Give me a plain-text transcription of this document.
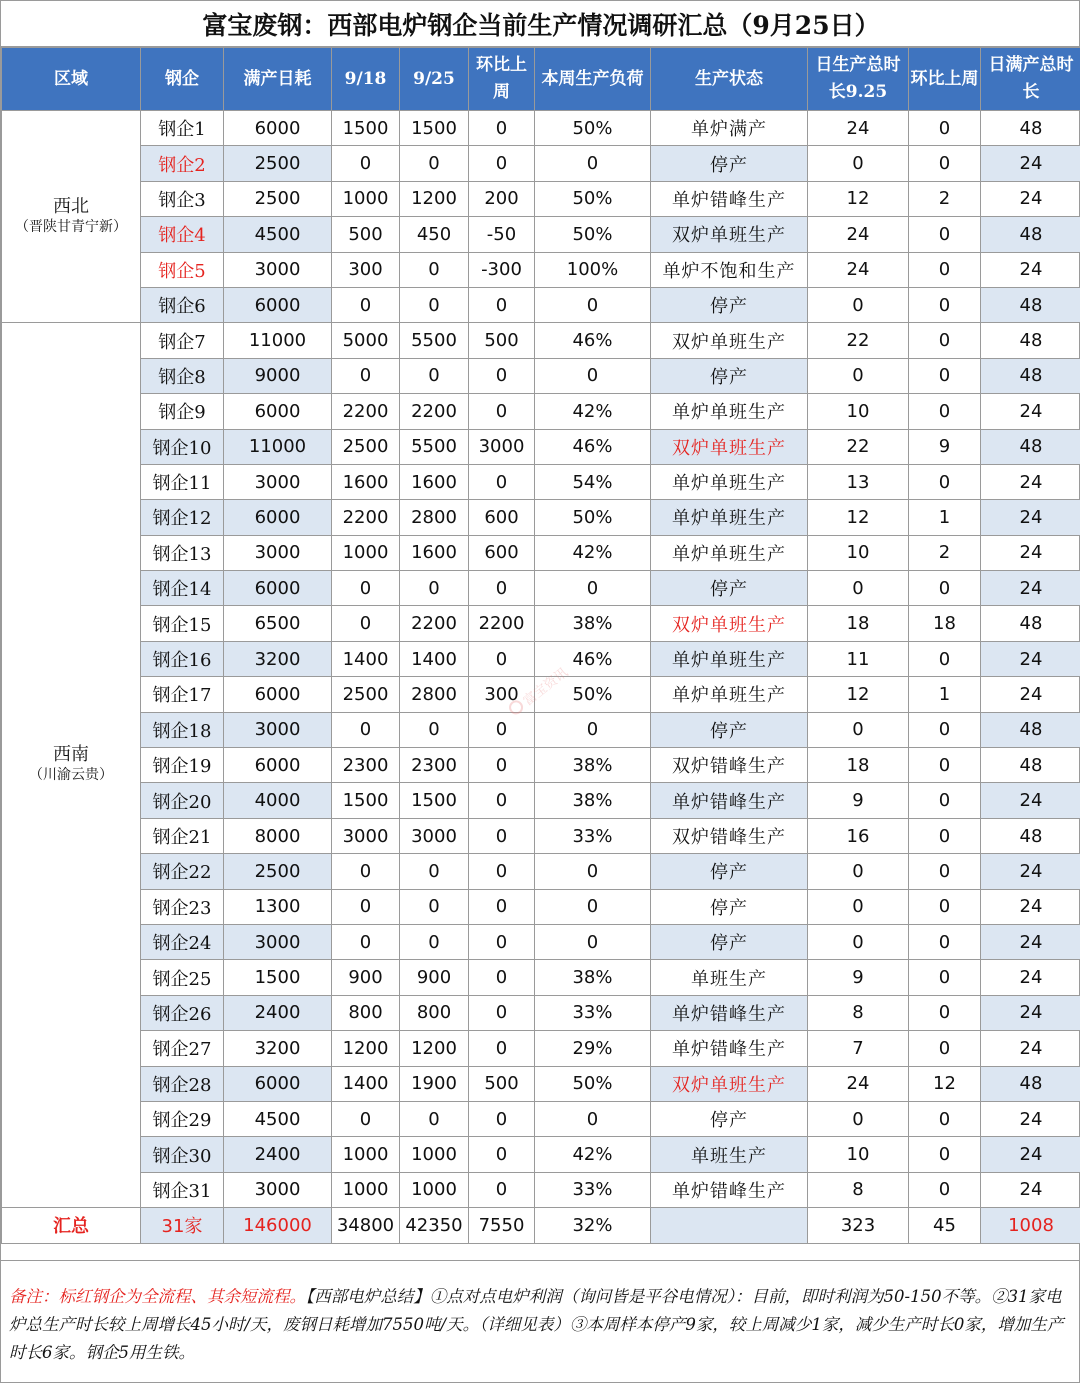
富宝废钢：西部电炉钢企当前生产情况调研汇总（9月25日）
区域	钢企	满产日耗	9/18	9/25	环比上周	本周生产负荷	生产状态	日生产总时长9.25	环比上周	日满产总时长
西北
（晋陕甘青宁新）	钢企1	6000	1500	1500	0	50%	单炉满产	24	0	48
	钢企2	2500	0	0	0	0	停产	0	0	24
	钢企3	2500	1000	1200	200	50%	单炉错峰生产	12	2	24
	钢企4	4500	500	450	-50	50%	双炉单班生产	24	0	48
	钢企5	3000	300	0	-300	100%	单炉不饱和生产	24	0	24
	钢企6	6000	0	0	0	0	停产	0	0	48
西南
（川渝云贵）	钢企7	11000	5000	5500	500	46%	双炉单班生产	22	0	48
	钢企8	9000	0	0	0	0	停产	0	0	48
	钢企9	6000	2200	2200	0	42%	单炉单班生产	10	0	24
	钢企10	11000	2500	5500	3000	46%	双炉单班生产	22	9	48
	钢企11	3000	1600	1600	0	54%	单炉单班生产	13	0	24
	钢企12	6000	2200	2800	600	50%	单炉单班生产	12	1	24
	钢企13	3000	1000	1600	600	42%	单炉单班生产	10	2	24
	钢企14	6000	0	0	0	0	停产	0	0	24
	钢企15	6500	0	2200	2200	38%	双炉单班生产	18	18	48
	钢企16	3200	1400	1400	0	46%	单炉单班生产	11	0	24
	钢企17	6000	2500	2800	300	50%	单炉单班生产	12	1	24
	钢企18	3000	0	0	0	0	停产	0	0	48
	钢企19	6000	2300	2300	0	38%	双炉错峰生产	18	0	48
	钢企20	4000	1500	1500	0	38%	单炉错峰生产	9	0	24
	钢企21	8000	3000	3000	0	33%	双炉错峰生产	16	0	48
	钢企22	2500	0	0	0	0	停产	0	0	24
	钢企23	1300	0	0	0	0	停产	0	0	24
	钢企24	3000	0	0	0	0	停产	0	0	24
	钢企25	1500	900	900	0	38%	单班生产	9	0	24
	钢企26	2400	800	800	0	33%	单炉错峰生产	8	0	24
	钢企27	3200	1200	1200	0	29%	单炉错峰生产	7	0	24
	钢企28	6000	1400	1900	500	50%	双炉单班生产	24	12	48
	钢企29	4500	0	0	0	0	停产	0	0	24
	钢企30	2400	1000	1000	0	42%	单班生产	10	0	24
	钢企31	3000	1000	1000	0	33%	单炉错峰生产	8	0	24
汇总	31家	146000	34800	42350	7550	32%		323	45	1008
富宝资讯
备注：标红钢企为全流程、其余短流程。【西部电炉总结】①点对点电炉利润（询问皆是平谷电情况）：目前，即时利润为50-150不等。②31家电炉总生产时长较上周增长45小时/天，废钢日耗增加7550吨/天。（详细见表）③本周样本停产9家，较上周减少1家，减少生产时长0家，增加生产时长6家。钢企5用生铁。
